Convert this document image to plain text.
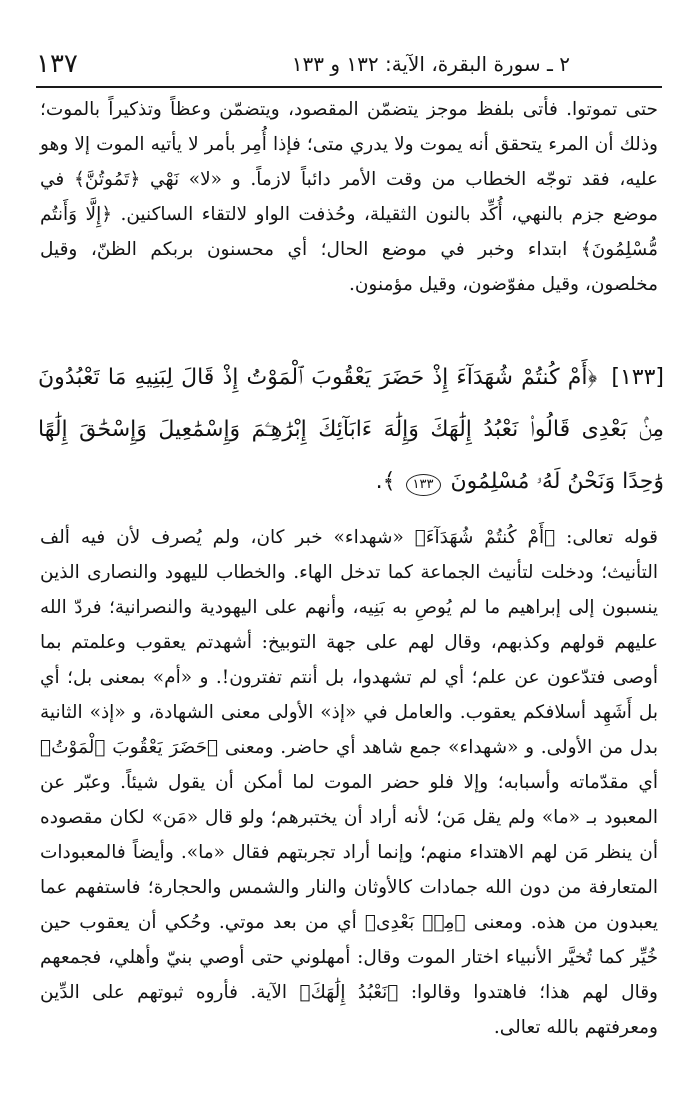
١٣٧	٢ ـ سورة البقرة، الآية: ١٣٢ و ١٣٣
حتى تموتوا. فأتى بلفظ موجز يتضمّن المقصود، ويتضمّن وعظاً وتذكيراً بالموت؛ وذلك أن المرء يتحقق أنه يموت ولا يدري متى؛ فإذا أُمِر بأمر لا يأتيه الموت إلا وهو عليه، فقد توجّه الخطاب من وقت الأمر دائباً لازماً. و «لا» نَهْي ﴿تَمُوتُنَّ﴾ في موضع جزم بالنهي، أُكِّد بالنون الثقيلة، وحُذفت الواو لالتقاء الساكنين. ﴿إِلَّا وَأَنتُم مُّسْلِمُونَ﴾ ابتداء وخبر في موضع الحال؛ أي محسنون بربكم الظنّ، وقيل مخلصون، وقيل مفوّضون، وقيل مؤمنون.
[١٣٣] ﴿أَمْ كُنتُمْ شُهَدَآءَ إِذْ حَضَرَ يَعْقُوبَ ٱلْمَوْتُ إِذْ قَالَ لِبَنِيهِ مَا تَعْبُدُونَ مِنۢ بَعْدِى قَالُوا۟ نَعْبُدُ إِلَٰهَكَ وَإِلَٰهَ ءَابَآئِكَ إِبْرَٰهِـۧمَ وَإِسْمَٰعِيلَ وَإِسْحَٰقَ إِلَٰهًا وَٰحِدًا وَنَحْنُ لَهُۥ مُسْلِمُونَ ١٣٣ ﴾.
قوله تعالى: ﴿أَمْ كُنتُمْ شُهَدَآءَ﴾ «شهداء» خبر كان، ولم يُصرف لأن فيه ألف التأنيث؛ ودخلت لتأنيث الجماعة كما تدخل الهاء. والخطاب لليهود والنصارى الذين ينسبون إلى إبراهيم ما لم يُوصِ به بَنِيه، وأنهم على اليهودية والنصرانية؛ فردّ الله عليهم قولهم وكذبهم، وقال لهم على جهة التوبيخ: أشهدتم يعقوب وعلمتم بما أوصى فتدّعون عن علم؛ أي لم تشهدوا، بل أنتم تفترون!. و «أم» بمعنى بل؛ أي بل أَشَهِد أسلافكم يعقوب. والعامل في «إذ» الأولى معنى الشهادة، و «إذ» الثانية بدل من الأولى. و «شهداء» جمع شاهد أي حاضر. ومعنى ﴿حَضَرَ يَعْقُوبَ ٱلْمَوْتُ﴾ أي مقدّماته وأسبابه؛ وإلا فلو حضر الموت لما أمكن أن يقول شيئاً. وعبّر عن المعبود بـ «ما» ولم يقل مَن؛ لأنه أراد أن يختبرهم؛ ولو قال «مَن» لكان مقصوده أن ينظر مَن لهم الاهتداء منهم؛ وإنما أراد تجربتهم فقال «ما». وأيضاً فالمعبودات المتعارفة من دون الله جمادات كالأوثان والنار والشمس والحجارة؛ فاستفهم عما يعبدون من هذه. ومعنى ﴿مِنۢ بَعْدِى﴾ أي من بعد موتي. وحُكي أن يعقوب حين خُيِّر كما تُخيَّر الأنبياء اختار الموت وقال: أمهلوني حتى أوصي بنيّ وأهلي، فجمعهم وقال لهم هذا؛ فاهتدوا وقالوا: ﴿نَعْبُدُ إِلَٰهَكَ﴾ الآية. فأروه ثبوتهم على الدِّين ومعرفتهم بالله تعالى.
